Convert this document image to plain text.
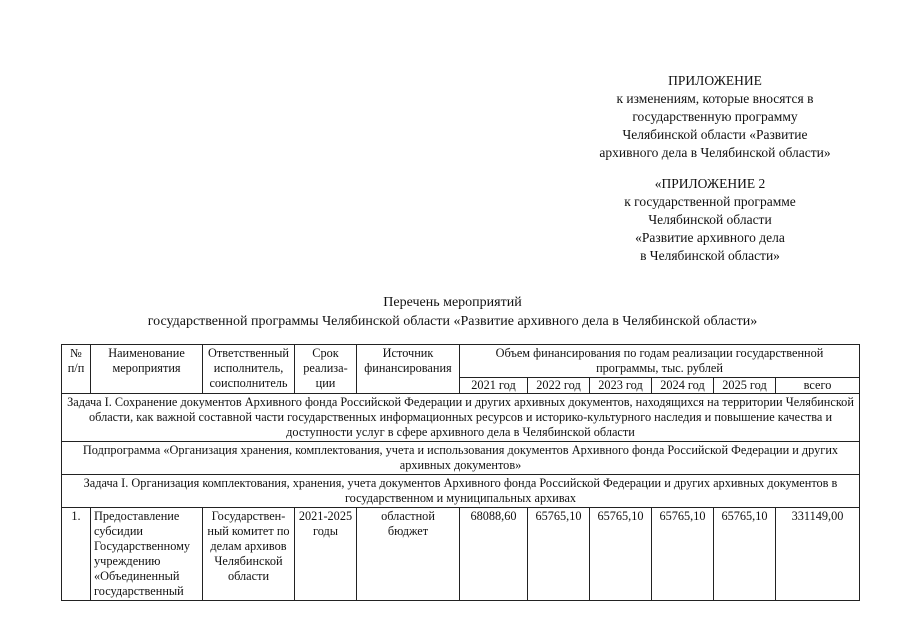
ПРИЛОЖЕНИЕ
к изменениям, которые вносятся в
государственную программу
Челябинской области «Развитие
архивного дела в Челябинской области»
«ПРИЛОЖЕНИЕ 2
к государственной программе
Челябинской области
«Развитие архивного дела
в Челябинской области»
Перечень мероприятий
государственной программы Челябинской области «Развитие архивного дела в Челябинской области»
№ п/п	Наименование мероприятия	Ответственный исполнитель, соисполнитель	Срок реализа-ции	Источник финансирования	Объем финансирования по годам реализации государственной программы, тыс. рублей					
					2021 год	2022 год	2023 год	2024 год	2025 год	всего
Задача I. Сохранение документов Архивного фонда Российской Федерации и других архивных документов, находящихся на территории Челябинской области, как важной составной части государственных информационных ресурсов и историко-культурного наследия и повышение качества и доступности услуг в сфере архивного дела в Челябинской области										
Подпрограмма «Организация хранения, комплектования, учета и использования документов Архивного фонда Российской Федерации и других архивных документов»										
Задача I. Организация комплектования, хранения, учета документов Архивного фонда Российской Федерации и других архивных документов в государственном и муниципальных архивах										
1.	Предоставление субсидии Государственному учреждению «Объединенный государственный	Государствен-ный комитет по делам архивов Челябинской области	2021-2025 годы	областной бюджет	68088,60	65765,10	65765,10	65765,10	65765,10	331149,00
